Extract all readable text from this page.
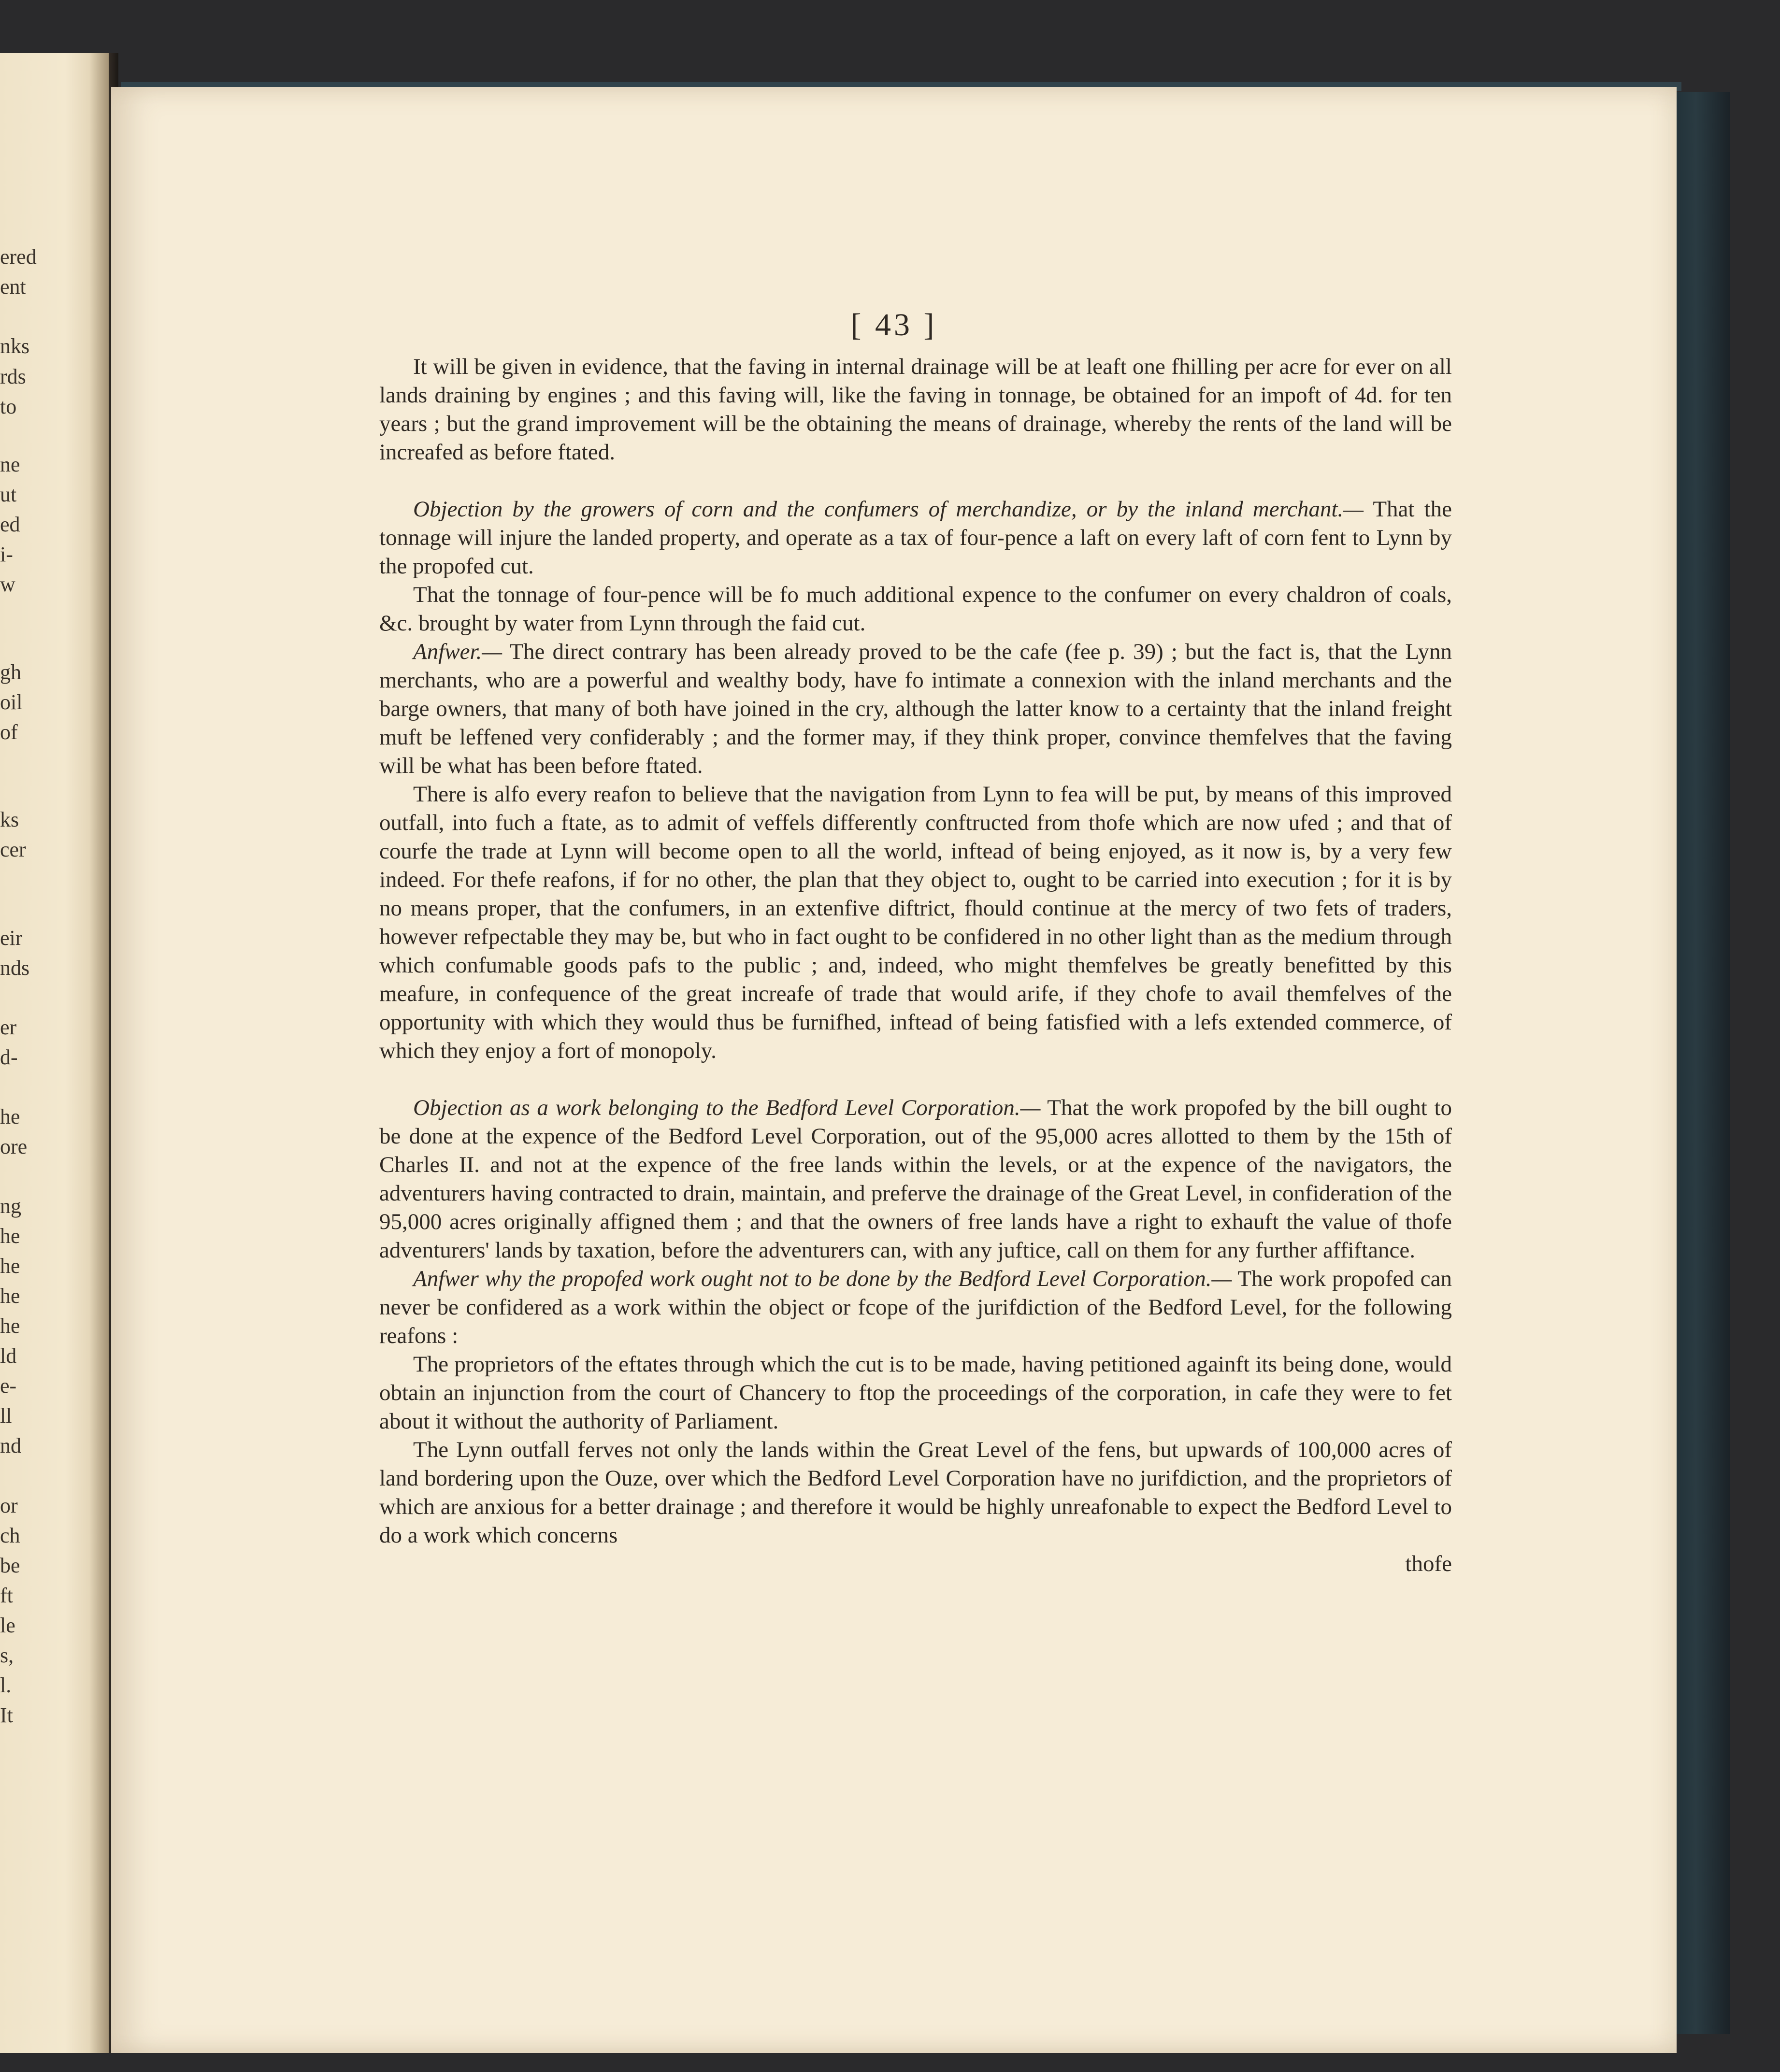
ered
ent
nks
rds
to
ne
ut
ed
i-
w
gh
oil
of
ks
cer
eir
nds
er
d-
he
ore
ng
he
he
he
he
ld
e-
ll
nd
or
ch
be
ft
le
s,
l.
It
[ 43 ]

It will be given in evidence, that the faving in internal drainage will be at leaft one fhilling per acre for ever on all lands draining by engines ; and this faving will, like the faving in tonnage, be obtained for an impoft of 4d. for ten years ; but the grand improvement will be the obtaining the means of drainage, whereby the rents of the land will be increafed as before ftated.

Objection by the growers of corn and the confumers of merchandize, or by the inland merchant.— That the tonnage will injure the landed property, and operate as a tax of four-pence a laft on every laft of corn fent to Lynn by the propofed cut.

That the tonnage of four-pence will be fo much additional expence to the confumer on every chaldron of coals, &c. brought by water from Lynn through the faid cut.

Anfwer.— The direct contrary has been already proved to be the cafe (fee p. 39) ; but the fact is, that the Lynn merchants, who are a powerful and wealthy body, have fo intimate a connexion with the inland merchants and the barge owners, that many of both have joined in the cry, although the latter know to a certainty that the inland freight muft be leffened very confiderably ; and the former may, if they think proper, convince themfelves that the faving will be what has been before ftated.

There is alfo every reafon to believe that the navigation from Lynn to fea will be put, by means of this improved outfall, into fuch a ftate, as to admit of veffels differently conftructed from thofe which are now ufed ; and that of courfe the trade at Lynn will become open to all the world, inftead of being enjoyed, as it now is, by a very few indeed. For thefe reafons, if for no other, the plan that they object to, ought to be carried into execution ; for it is by no means proper, that the confumers, in an extenfive diftrict, fhould continue at the mercy of two fets of traders, however refpectable they may be, but who in fact ought to be confidered in no other light than as the medium through which confumable goods pafs to the public ; and, indeed, who might themfelves be greatly benefitted by this meafure, in confequence of the great increafe of trade that would arife, if they chofe to avail themfelves of the opportunity with which they would thus be furnifhed, inftead of being fatisfied with a lefs extended commerce, of which they enjoy a fort of monopoly.

Objection as a work belonging to the Bedford Level Corporation.— That the work propofed by the bill ought to be done at the expence of the Bedford Level Corporation, out of the 95,000 acres allotted to them by the 15th of Charles II. and not at the expence of the free lands within the levels, or at the expence of the navigators, the adventurers having contracted to drain, maintain, and preferve the drainage of the Great Level, in confideration of the 95,000 acres originally affigned them ; and that the owners of free lands have a right to exhauft the value of thofe adventurers' lands by taxation, before the adventurers can, with any juftice, call on them for any further affiftance.

Anfwer why the propofed work ought not to be done by the Bedford Level Corporation.— The work propofed can never be confidered as a work within the object or fcope of the jurifdiction of the Bedford Level, for the following reafons :

The proprietors of the eftates through which the cut is to be made, having petitioned againft its being done, would obtain an injunction from the court of Chancery to ftop the proceedings of the corporation, in cafe they were to fet about it without the authority of Parliament.

The Lynn outfall ferves not only the lands within the Great Level of the fens, but upwards of 100,000 acres of land bordering upon the Ouze, over which the Bedford Level Corporation have no jurifdiction, and the proprietors of which are anxious for a better drainage ; and therefore it would be highly unreafonable to expect the Bedford Level to do a work which concerns

thofe
